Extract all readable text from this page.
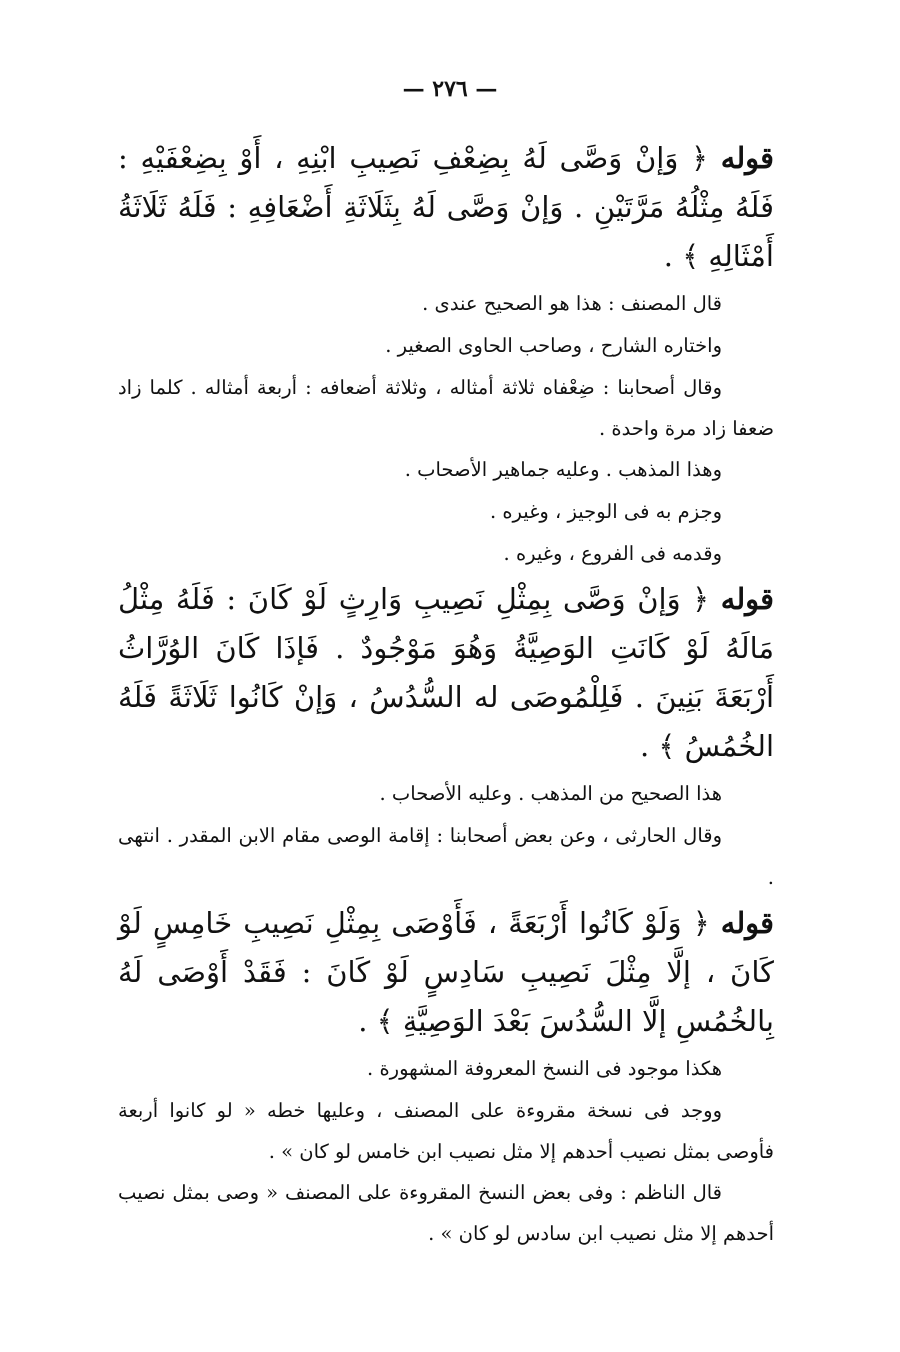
— ٢٧٦ —

قوله ﴿ وَإنْ وَصَّى لَهُ بِضِعْفِ نَصِيبِ ابْنِهِ ، أَوْ بِضِعْفَيْهِ : فَلَهُ مِثْلُهُ مَرَّتَيْنِ . وَإنْ وَصَّى لَهُ بِثَلَاثَةِ أَضْعَافِهِ : فَلَهُ ثَلَاثَةُ أَمْثَالِهِ ﴾ .

قال المصنف : هذا هو الصحيح عندى .

واختاره الشارح ، وصاحب الحاوى الصغير .

وقال أصحابنا : ضِعْفاه ثلاثة أمثاله ، وثلاثة أضعافه : أربعة أمثاله . كلما زاد ضعفا زاد مرة واحدة .

وهذا المذهب . وعليه جماهير الأصحاب .

وجزم به فى الوجيز ، وغيره .

وقدمه فى الفروع ، وغيره .

قوله ﴿ وَإنْ وَصَّى بِمِثْلِ نَصِيبِ وَارِثٍ لَوْ كَانَ : فَلَهُ مِثْلُ مَالَهُ لَوْ كَانَتِ الوَصِيَّةُ وَهُوَ مَوْجُودٌ . فَإذَا كَانَ الوُرَّاثُ أَرْبَعَةَ بَنِينَ . فَلِلْمُوصَى له السُّدُسُ ، وَإنْ كَانُوا ثَلَاثَةً فَلَهُ الخُمُسُ ﴾ .

هذا الصحيح من المذهب . وعليه الأصحاب .

وقال الحارثى ، وعن بعض أصحابنا : إقامة الوصى مقام الابن المقدر . انتهى .

قوله ﴿ وَلَوْ كَانُوا أَرْبَعَةً ، فَأَوْصَى بِمِثْلِ نَصِيبِ خَامِسٍ لَوْ كَانَ ، إلَّا مِثْلَ نَصِيبِ سَادِسٍ لَوْ كَانَ : فَقَدْ أَوْصَى لَهُ بِالخُمُسِ إلَّا السُّدُسَ بَعْدَ الوَصِيَّةِ ﴾ .

هكذا موجود فى النسخ المعروفة المشهورة .

ووجد فى نسخة مقروءة على المصنف ، وعليها خطه « لو كانوا أربعة فأوصى بمثل نصيب أحدهم إلا مثل نصيب ابن خامس لو كان » .

قال الناظم : وفى بعض النسخ المقروءة على المصنف « وصى بمثل نصيب أحدهم إلا مثل نصيب ابن سادس لو كان » .
